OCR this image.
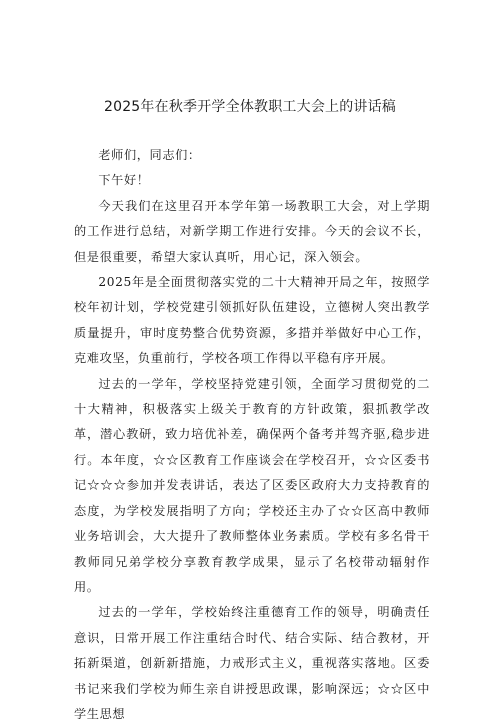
2025年在秋季开学全体教职工大会上的讲话稿

老师们，同志们：

下午好！

今天我们在这里召开本学年第一场教职工大会，对上学期的工作进行总结，对新学期工作进行安排。今天的会议不长，但是很重要，希望大家认真听，用心记，深入领会。

2025年是全面贯彻落实党的二十大精神开局之年，按照学校年初计划，学校党建引领抓好队伍建设，立德树人突出教学质量提升，审时度势整合优势资源，多措并举做好中心工作，克难攻坚，负重前行，学校各项工作得以平稳有序开展。

过去的一学年，学校坚持党建引领，全面学习贯彻党的二十大精神，积极落实上级关于教育的方针政策，狠抓教学改革，潜心教研，致力培优补差，确保两个备考并驾齐驱,稳步进行。本年度，☆☆区教育工作座谈会在学校召开，☆☆区委书记☆☆☆参加并发表讲话，表达了区委区政府大力支持教育的态度，为学校发展指明了方向；学校还主办了☆☆区高中教师业务培训会，大大提升了教师整体业务素质。学校有多名骨干教师同兄弟学校分享教育教学成果，显示了名校带动辐射作用。

过去的一学年，学校始终注重德育工作的领导，明确责任意识，日常开展工作注重结合时代、结合实际、结合教材，开拓新渠道，创新新措施，力戒形式主义，重视落实落地。区委书记来我们学校为师生亲自讲授思政课，影响深远；☆☆区中学生思想
